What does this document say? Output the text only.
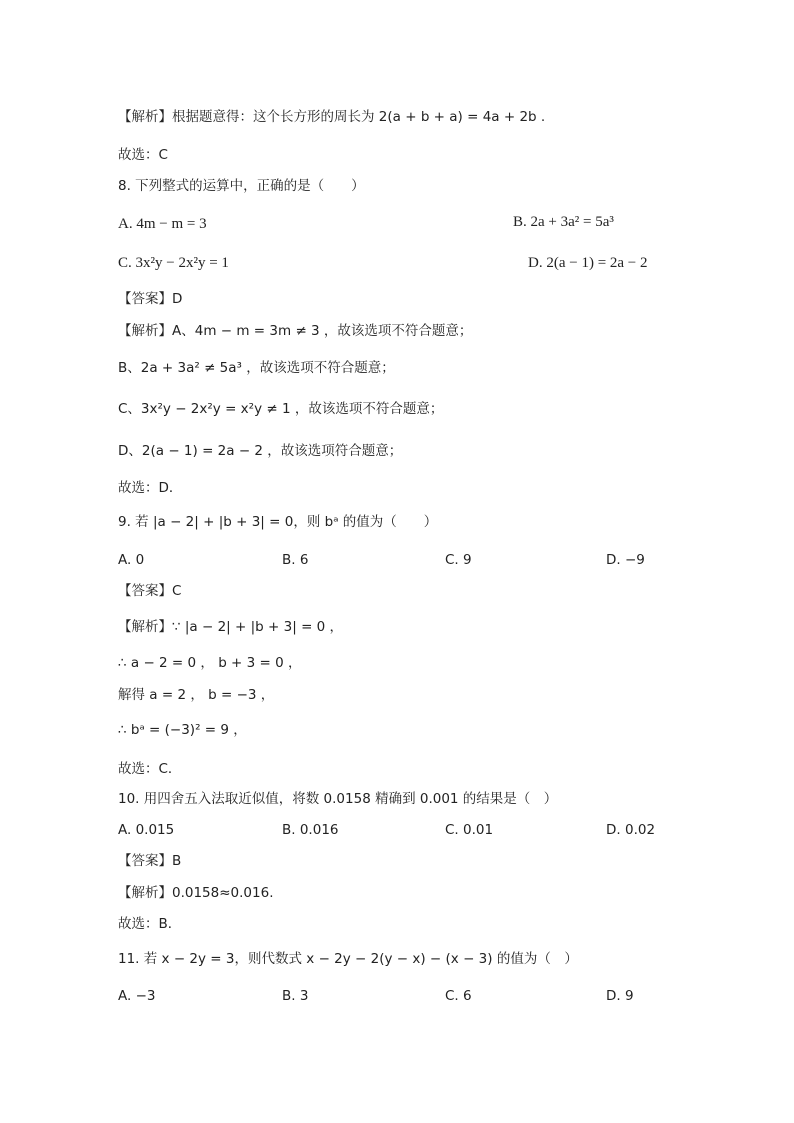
【解析】根据题意得：这个长方形的周长为 2(a + b + a) = 4a + 2b .
故选：C
8. 下列整式的运算中，正确的是（　　）
A. 4m − m = 3	B. 2a + 3a² = 5a³
C. 3x²y − 2x²y = 1	D. 2(a − 1) = 2a − 2
【答案】D
【解析】A、4m − m = 3m ≠ 3 ，故该选项不符合题意；
B、2a + 3a² ≠ 5a³ ，故该选项不符合题意；
C、3x²y − 2x²y = x²y ≠ 1 ，故该选项不符合题意；
D、2(a − 1) = 2a − 2 ，故该选项符合题意；
故选：D．
9. 若 |a − 2| + |b + 3| = 0，则 bᵃ 的值为（　　）
A. 0	B. 6	C. 9	D. −9
【答案】C
【解析】∵ |a − 2| + |b + 3| = 0 ，
∴ a − 2 = 0 ， b + 3 = 0 ，
解得 a = 2 ， b = −3 ，
∴ bᵃ = (−3)² = 9 ，
故选：C．
10. 用四舍五入法取近似值，将数 0.0158 精确到 0.001 的结果是（　）
A. 0.015	B. 0.016	C. 0.01	D. 0.02
【答案】B
【解析】0.0158≈0.016.
故选：B．
11. 若 x − 2y = 3，则代数式 x − 2y − 2(y − x) − (x − 3) 的值为（　）
A. −3	B. 3	C. 6	D. 9
